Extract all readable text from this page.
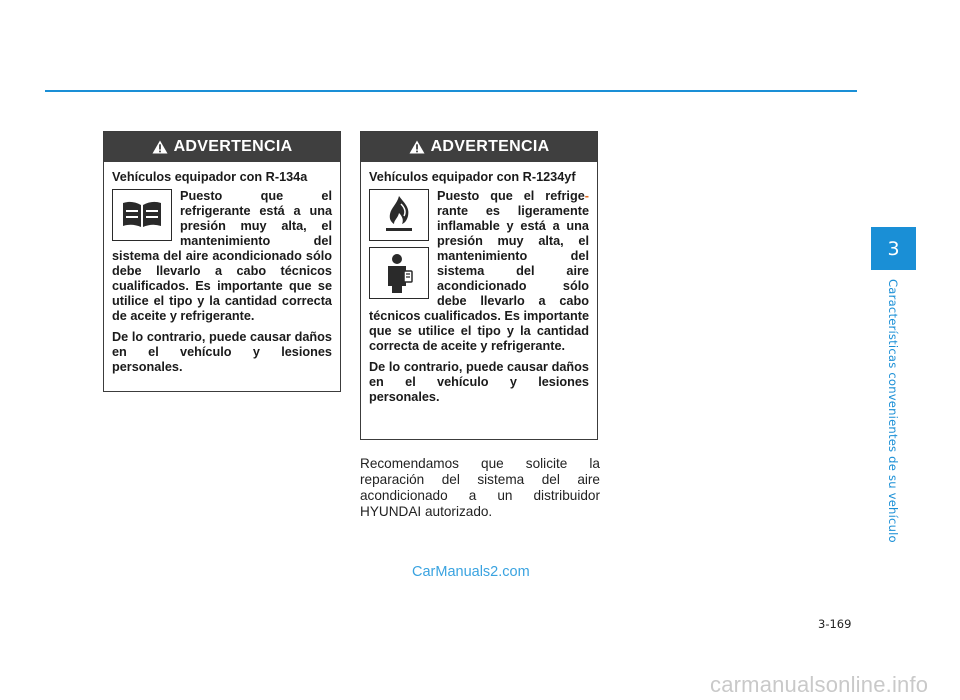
3
Características convenientes de su vehículo
ADVERTENCIA
Vehículos equipador con R-134a

Puesto que el refrigerante está a una presión muy alta, el mantenimiento del sistema del aire acondicionado sólo debe llevarlo a cabo técnicos cualificados. Es importante que se utilice el tipo y la cantidad correcta de aceite y refrigerante.

De lo contrario, puede causar daños en el vehículo y lesiones personales.

ADVERTENCIA
Vehículos equipador con R-1234yf

Puesto que el refrige-rante es ligeramente inflamable y está a una presión muy alta, el mantenimiento del sistema del aire acondicionado sólo debe llevarlo a cabo técnicos cualificados. Es importante que se utilice el tipo y la cantidad correcta de aceite y refrigerante.

De lo contrario, puede causar daños en el vehículo y lesiones personales.

Recomendamos que solicite la reparación del sistema del aire acondicionado a un distribuidor HYUNDAI autorizado.
CarManuals2.com
3-169
carmanualsonline.info
